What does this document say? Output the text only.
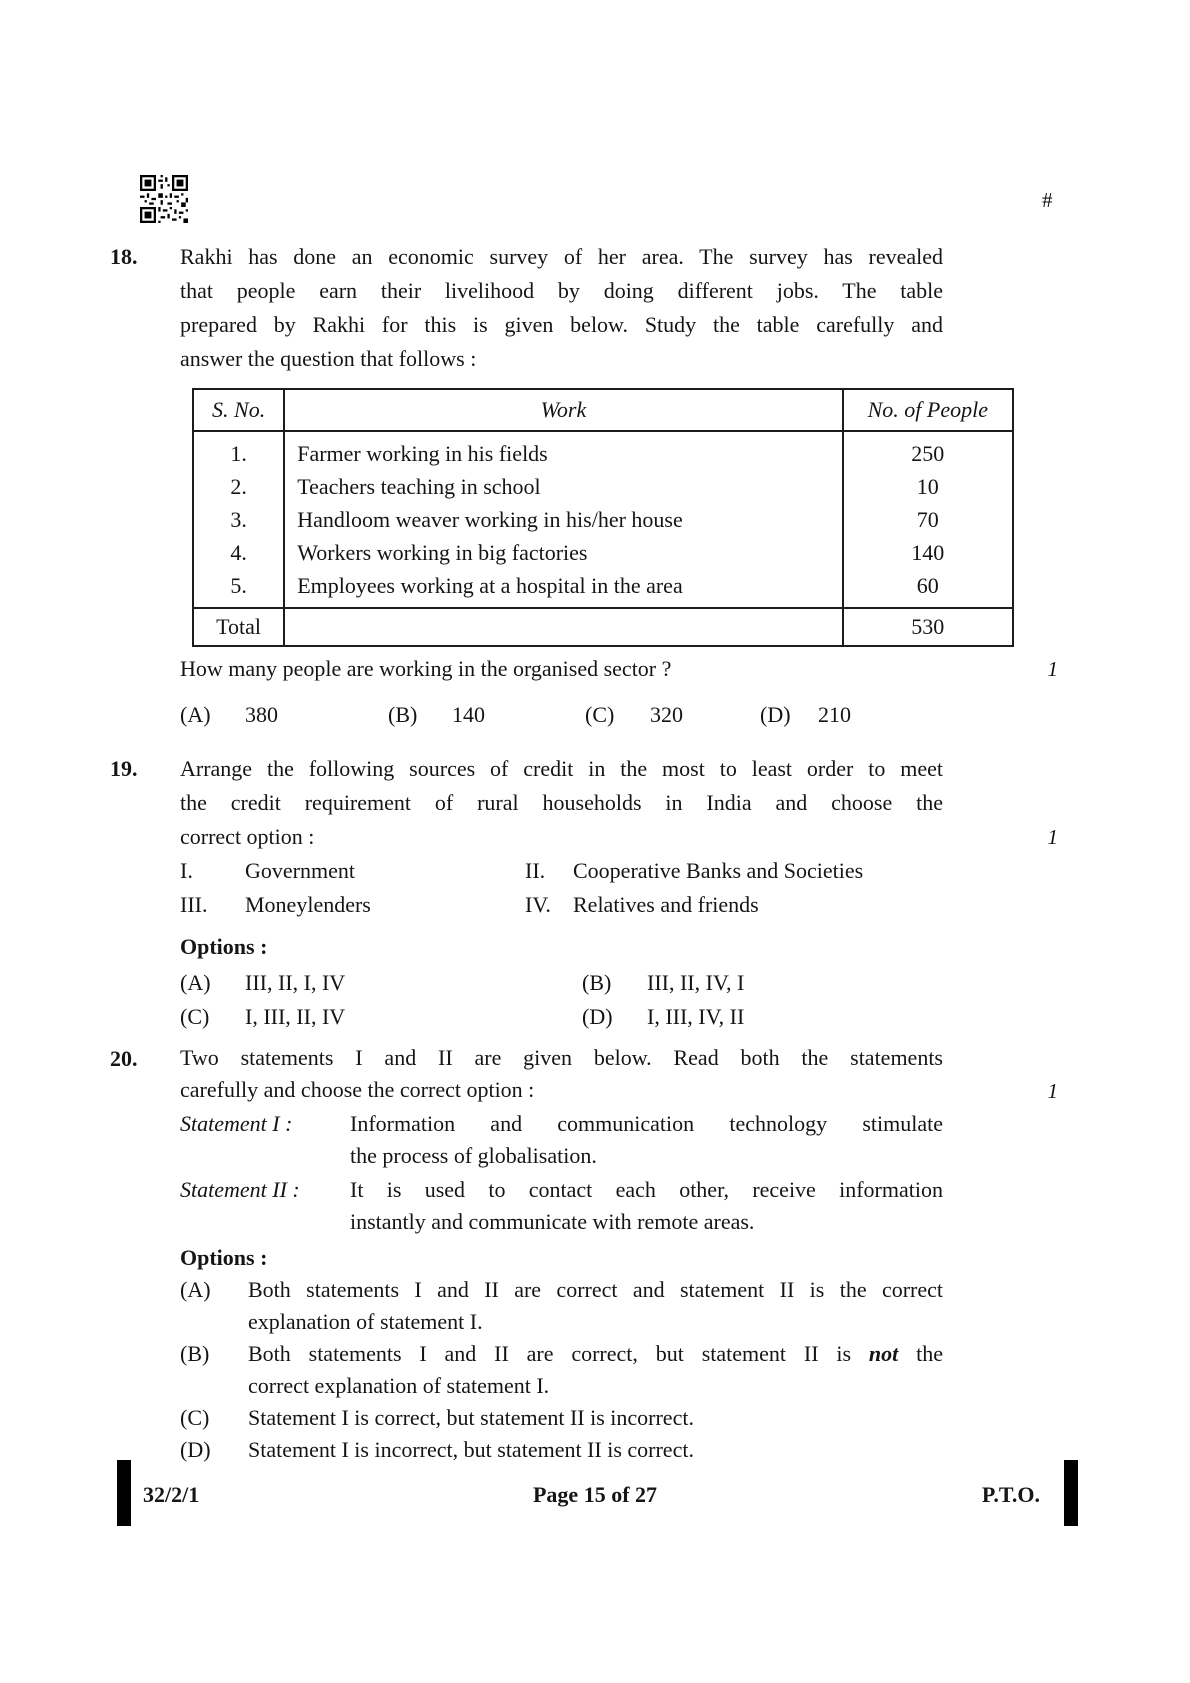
#
18.	Rakhi has done an economic survey of her area. The survey has revealed
that people earn their livelihood by doing different jobs. The table
prepared by Rakhi for this is given below. Study the table carefully and
answer the question that follows :
S. No.	Work	No. of People
1.	Farmer working in his fields	250
2.	Teachers teaching in school	10
3.	Handloom weaver working in his/her house	70
4.	Workers working in big factories	140
5.	Employees working at a hospital in the area	60
Total		530
How many people are working in the organised sector ?	1
(A)	380	(B)	140	(C)	320	(D)	210
1
19.	Arrange the following sources of credit in the most to least order to meet
the credit requirement of rural households in India and choose the
correct option :
I.	Government	II.	Cooperative Banks and Societies
III.	Moneylenders	IV.	Relatives and friends
Options :
(A)	III, II, I, IV	(B)	III, II, IV, I
(C)	I, III, II, IV	(D)	I, III, IV, II
1
20.	Two statements I and II are given below. Read both the statements
carefully and choose the correct option :
Statement I :	Information and communication technology stimulate
the process of globalisation.
Statement II :	It is used to contact each other, receive information
instantly and communicate with remote areas.
Options :
(A)	Both statements I and II are correct and statement II is the correct
explanation of statement I.
(B)	Both statements I and II are correct, but statement II is not the
correct explanation of statement I.
(C)	Statement I is correct, but statement II is incorrect.
(D)	Statement I is incorrect, but statement II is correct.
32/2/1	Page 15 of 27	P.T.O.
